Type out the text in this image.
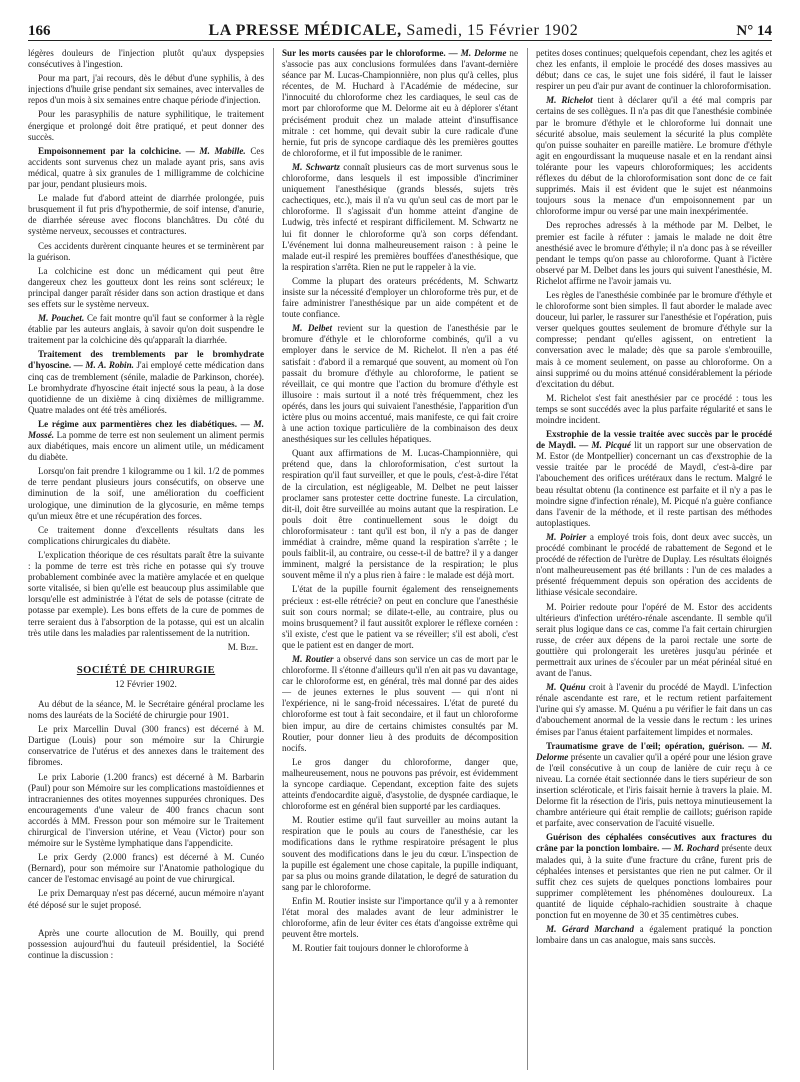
166	LA PRESSE MÉDICALE, Samedi, 15 Février 1902	N° 14

légères douleurs de l'injection plutôt qu'aux dyspepsies consécutives à l'ingestion.

Pour ma part, j'ai recours, dès le début d'une syphilis, à des injections d'huile grise pendant six semaines, avec intervalles de repos d'un mois à six semaines entre chaque période d'injection.

Pour les parasyphilis de nature syphilitique, le traitement énergique et prolongé doit être pratiqué, et peut donner des succès.

Empoisonnement par la colchicine. — M. Mabille. Ces accidents sont survenus chez un malade ayant pris, sans avis médical, quatre à six granules de 1 milligramme de colchicine par jour, pendant plusieurs mois.

Le malade fut d'abord atteint de diarrhée prolongée, puis brusquement il fut pris d'hypothermie, de soif intense, d'anurie, de diarrhée séreuse avec flocons blanchâtres. Du côté du système nerveux, secousses et contractures.

Ces accidents durèrent cinquante heures et se terminèrent par la guérison.

La colchicine est donc un médicament qui peut être dangereux chez les goutteux dont les reins sont scléreux; le principal danger paraît résider dans son action drastique et dans ses effets sur le système nerveux.

M. Pouchet. Ce fait montre qu'il faut se conformer à la règle établie par les auteurs anglais, à savoir qu'on doit suspendre le traitement par la colchicine dès qu'apparaît la diarrhée.

Traitement des tremblements par le bromhydrate d'hyoscine. — M. A. Robin. J'ai employé cette médication dans cinq cas de tremblement (sénile, maladie de Parkinson, chorée). Le bromhydrate d'hyoscine était injecté sous la peau, à la dose quotidienne de un dixième à cinq dixièmes de milligramme. Quatre malades ont été très améliorés.

Le régime aux parmentières chez les diabétiques. — M. Mossé. La pomme de terre est non seulement un aliment permis aux diabétiques, mais encore un aliment utile, un médicament du diabète.

Lorsqu'on fait prendre 1 kilogramme ou 1 kil. 1/2 de pommes de terre pendant plusieurs jours consécutifs, on observe une diminution de la soif, une amélioration du coefficient urologique, une diminution de la glycosurie, en même temps qu'un mieux être et une récupération des forces.

Ce traitement donne d'excellents résultats dans les complications chirurgicales du diabète.

L'explication théorique de ces résultats paraît être la suivante : la pomme de terre est très riche en potasse qui s'y trouve probablement combinée avec la matière amylacée et en quelque sorte vitalisée, si bien qu'elle est beaucoup plus assimilable que lorsqu'elle est administrée à l'état de sels de potasse (citrate de potasse par exemple). Les bons effets de la cure de pommes de terre seraient dus à l'absorption de la potasse, qui est un alcalin très utile dans les maladies par ralentissement de la nutrition.

M. Bize.

SOCIÉTÉ DE CHIRURGIE
12 Février 1902.

Au début de la séance, M. le Secrétaire général proclame les noms des lauréats de la Société de chirurgie pour 1901.

Le prix Marcellin Duval (300 francs) est décerné à M. Dartigue (Louis) pour son mémoire sur la Chirurgie conservatrice de l'utérus et des annexes dans le traitement des fibromes.

Le prix Laborie (1.200 francs) est décerné à M. Barbarin (Paul) pour son Mémoire sur les complications mastoïdiennes et intracraniennes des otites moyennes suppurées chroniques. Des encouragements d'une valeur de 400 francs chacun sont accordés à MM. Fresson pour son mémoire sur le Traitement chirurgical de l'inversion utérine, et Veau (Victor) pour son mémoire sur le Système lymphatique dans l'appendicite.

Le prix Gerdy (2.000 francs) est décerné à M. Cunéo (Bernard), pour son mémoire sur l'Anatomie pathologique du cancer de l'estomac envisagé au point de vue chirurgical.

Le prix Demarquay n'est pas décerné, aucun mémoire n'ayant été déposé sur le sujet proposé.

Après une courte allocution de M. Bouilly, qui prend possession aujourd'hui du fauteuil présidentiel, la Société continue la discussion :

Sur les morts causées par le chloroforme. — M. Delorme ne s'associe pas aux conclusions formulées dans l'avant-dernière séance par M. Lucas-Championnière, non plus qu'à celles, plus récentes, de M. Huchard à l'Académie de médecine, sur l'innocuité du chloroforme chez les cardiaques, le seul cas de mort par chloroforme que M. Delorme ait eu à déplorer s'étant précisément produit chez un malade atteint d'insuffisance mitrale : cet homme, qui devait subir la cure radicale d'une hernie, fut pris de syncope cardiaque dès les premières gouttes de chloroforme, et il fut impossible de le ranimer.

M. Schwartz connaît plusieurs cas de mort survenus sous le chloroforme, dans lesquels il est impossible d'incriminer uniquement l'anesthésique (grands blessés, sujets très cachectiques, etc.), mais il n'a vu qu'un seul cas de mort par le chloroforme. Il s'agissait d'un homme atteint d'angine de Ludwig, très infecté et respirant difficilement. M. Schwartz ne lui fit donner le chloroforme qu'à son corps défendant. L'événement lui donna malheureusement raison : à peine le malade eut-il respiré les premières bouffées d'anesthésique, que la respiration s'arrêta. Rien ne put le rappeler à la vie.

Comme la plupart des orateurs précédents, M. Schwartz insiste sur la nécessité d'employer un chloroforme très pur, et de faire administrer l'anesthésique par un aide compétent et de toute confiance.

M. Delbet revient sur la question de l'anesthésie par le bromure d'éthyle et le chloroforme combinés, qu'il a vu employer dans le service de M. Richelot. Il n'en a pas été satisfait : d'abord il a remarqué que souvent, au moment où l'on passait du bromure d'éthyle au chloroforme, le patient se réveillait, ce qui montre que l'action du bromure d'éthyle est illusoire : mais surtout il a noté très fréquemment, chez les opérés, dans les jours qui suivaient l'anesthésie, l'apparition d'un ictère plus ou moins accentué, mais manifeste, ce qui fait croire à une action toxique particulière de la combinaison des deux anesthésiques sur les cellules hépatiques.

Quant aux affirmations de M. Lucas-Championnière, qui prétend que, dans la chloroformisation, c'est surtout la respiration qu'il faut surveiller, et que le pouls, c'est-à-dire l'état de la circulation, est négligeable, M. Delbet ne peut laisser proclamer sans protester cette doctrine funeste. La circulation, dit-il, doit être surveillée au moins autant que la respiration. Le pouls doit être continuellement sous le doigt du chloroformisateur : tant qu'il est bon, il n'y a pas de danger immédiat à craindre, même quand la respiration s'arrête ; le pouls faiblit-il, au contraire, ou cesse-t-il de battre? il y a danger imminent, malgré la persistance de la respiration; le plus souvent même il n'y a plus rien à faire : le malade est déjà mort.

L'état de la pupille fournit également des renseignements précieux : est-elle rétrécie? on peut en conclure que l'anesthésie suit son cours normal; se dilate-t-elle, au contraire, plus ou moins brusquement? il faut aussitôt explorer le réflexe cornéen : s'il existe, c'est que le patient va se réveiller; s'il est aboli, c'est que le patient est en danger de mort.

M. Routier a observé dans son service un cas de mort par le chloroforme. Il s'étonne d'ailleurs qu'il n'en ait pas vu davantage, car le chloroforme est, en général, très mal donné par des aides — de jeunes externes le plus souvent — qui n'ont ni l'expérience, ni le sang-froid nécessaires. L'état de pureté du chloroforme est tout à fait secondaire, et il faut un chloroforme bien impur, au dire de certains chimistes consultés par M. Routier, pour donner lieu à des produits de décomposition nocifs.

Le gros danger du chloroforme, danger que, malheureusement, nous ne pouvons pas prévoir, est évidemment la syncope cardiaque. Cependant, exception faite des sujets atteints d'endocardite aiguë, d'asystolie, de dyspnée cardiaque, le chloroforme est en général bien supporté par les cardiaques.

M. Routier estime qu'il faut surveiller au moins autant la respiration que le pouls au cours de l'anesthésie, car les modifications dans le rythme respiratoire présagent le plus souvent des modifications dans le jeu du cœur. L'inspection de la pupille est également une chose capitale, la pupille indiquant, par sa plus ou moins grande dilatation, le degré de saturation du sang par le chloroforme.

Enfin M. Routier insiste sur l'importance qu'il y a à remonter l'état moral des malades avant de leur administrer le chloroforme, afin de leur éviter ces états d'angoisse extrême qui peuvent être mortels.

M. Routier fait toujours donner le chloroforme à

petites doses continues; quelquefois cependant, chez les agités et chez les enfants, il emploie le procédé des doses massives au début; dans ce cas, le sujet une fois sidéré, il faut le laisser respirer un peu d'air pur avant de continuer la chloroformisation.

M. Richelot tient à déclarer qu'il a été mal compris par certains de ses collègues. Il n'a pas dit que l'anesthésie combinée par le bromure d'éthyle et le chloroforme lui donnait une sécurité absolue, mais seulement la sécurité la plus complète qu'on puisse souhaiter en pareille matière. Le bromure d'éthyle agit en engourdissant la muqueuse nasale et en la rendant ainsi tolérante pour les vapeurs chloroformiques; les accidents réflexes du début de la chloroformisation sont donc de ce fait supprimés. Mais il est évident que le sujet est néanmoins toujours sous la menace d'un empoisonnement par un chloroforme impur ou versé par une main inexpérimentée.

Des reproches adressés à la méthode par M. Delbet, le premier est facile à réfuter : jamais le malade ne doit être anesthésié avec le bromure d'éthyle; il n'a donc pas à se réveiller pendant le temps qu'on passe au chloroforme. Quant à l'ictère observé par M. Delbet dans les jours qui suivent l'anesthésie, M. Richelot affirme ne l'avoir jamais vu.

Les règles de l'anesthésie combinée par le bromure d'éthyle et le chloroforme sont bien simples. Il faut aborder le malade avec douceur, lui parler, le rassurer sur l'anesthésie et l'opération, puis verser quelques gouttes seulement de bromure d'éthyle sur la compresse; pendant qu'elles agissent, on entretient la conversation avec le malade; dès que sa parole s'embrouille, mais à ce moment seulement, on passe au chloroforme. On a ainsi supprimé ou du moins atténué considérablement la période d'excitation du début.

M. Richelot s'est fait anesthésier par ce procédé : tous les temps se sont succédés avec la plus parfaite régularité et sans le moindre incident.

Exstrophie de la vessie traitée avec succès par le procédé de Maydl. — M. Picqué lit un rapport sur une observation de M. Estor (de Montpellier) concernant un cas d'exstrophie de la vessie traitée par le procédé de Maydl, c'est-à-dire par l'abouchement des orifices urétéraux dans le rectum. Malgré le beau résultat obtenu (la continence est parfaite et il n'y a pas le moindre signe d'infection rénale), M. Picqué n'a guère confiance dans l'avenir de la méthode, et il reste partisan des méthodes autoplastiques.

M. Poirier a employé trois fois, dont deux avec succès, un procédé combinant le procédé de rabattement de Segond et le procédé de réfection de l'urètre de Duplay. Les résultats éloignés n'ont malheureusement pas été brillants : l'un de ces malades a présenté fréquemment depuis son opération des accidents de lithiase vésicale secondaire.

M. Poirier redoute pour l'opéré de M. Estor des accidents ultérieurs d'infection urétéro-rénale ascendante. Il semble qu'il serait plus logique dans ce cas, comme l'a fait certain chirurgien russe, de créer aux dépens de la paroi rectale une sorte de gouttière qui prolongerait les uretères jusqu'au périnée et permettrait aux urines de s'écouler par un méat périnéal situé en avant de l'anus.

M. Quénu croit à l'avenir du procédé de Maydl. L'infection rénale ascendante est rare, et le rectum retient parfaitement l'urine qui s'y amasse. M. Quénu a pu vérifier le fait dans un cas d'abouchement anormal de la vessie dans le rectum : les urines émises par l'anus étaient parfaitement limpides et normales.

Traumatisme grave de l'œil; opération, guérison. — M. Delorme présente un cavalier qu'il a opéré pour une lésion grave de l'œil consécutive à un coup de lanière de cuir reçu à ce niveau. La cornée était sectionnée dans le tiers supérieur de son insertion scléroticale, et l'iris faisait hernie à travers la plaie. M. Delorme fit la résection de l'iris, puis nettoya minutieusement la chambre antérieure qui était remplie de caillots; guérison rapide et parfaite, avec conservation de l'acuité visuelle.

Guérison des céphalées consécutives aux fractures du crâne par la ponction lombaire. — M. Rochard présente deux malades qui, à la suite d'une fracture du crâne, furent pris de céphalées intenses et persistantes que rien ne put calmer. Or il suffit chez ces sujets de quelques ponctions lombaires pour supprimer complètement les phénomènes douloureux. La quantité de liquide céphalo-rachidien soustraite à chaque ponction fut en moyenne de 30 et 35 centimètres cubes.

M. Gérard Marchand a également pratiqué la ponction lombaire dans un cas analogue, mais sans succès.
